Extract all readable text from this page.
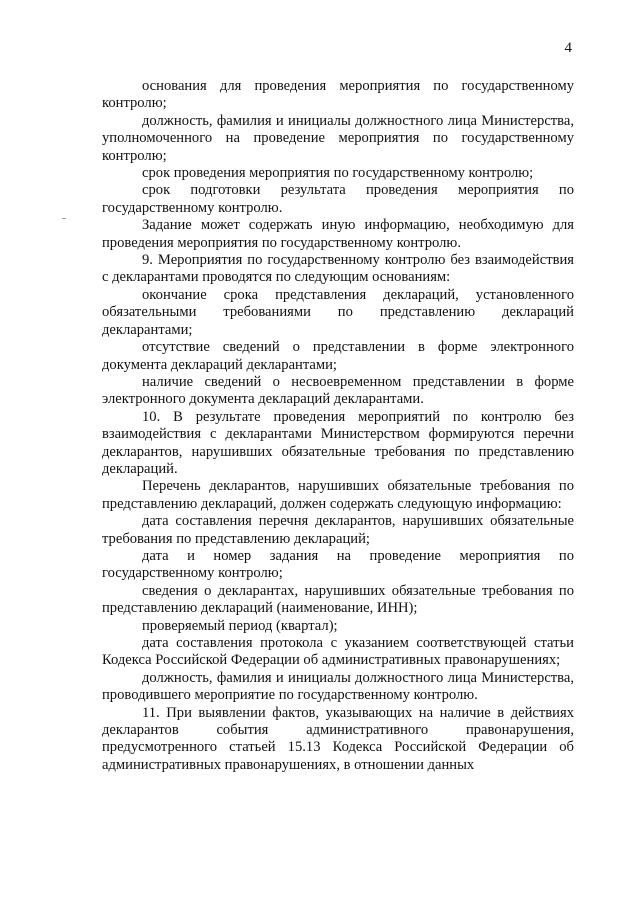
4

основания для проведения мероприятия по государственному контролю;

должность, фамилия и инициалы должностного лица Министерства, уполномоченного на проведение мероприятия по государственному контролю;

срок проведения мероприятия по государственному контролю;

срок подготовки результата проведения мероприятия по государственному контролю.

Задание может содержать иную информацию, необходимую для проведения мероприятия по государственному контролю.

9. Мероприятия по государственному контролю без взаимодействия с декларантами проводятся по следующим основаниям:

окончание срока представления деклараций, установленного обязательными требованиями по представлению деклараций декларантами;

отсутствие сведений о представлении в форме электронного документа деклараций декларантами;

наличие сведений о несвоевременном представлении в форме электронного документа деклараций декларантами.

10. В результате проведения мероприятий по контролю без взаимодействия с декларантами Министерством формируются перечни декларантов, нарушивших обязательные требования по представлению деклараций.

Перечень декларантов, нарушивших обязательные требования по представлению деклараций, должен содержать следующую информацию:

дата составления перечня декларантов, нарушивших обязательные требования по представлению деклараций;

дата и номер задания на проведение мероприятия по государственному контролю;

сведения о декларантах, нарушивших обязательные требования по представлению деклараций (наименование, ИНН);

проверяемый период (квартал);

дата составления протокола с указанием соответствующей статьи Кодекса Российской Федерации об административных правонарушениях;

должность, фамилия и инициалы должностного лица Министерства, проводившего мероприятие по государственному контролю.

11. При выявлении фактов, указывающих на наличие в действиях декларантов события административного правонарушения, предусмотренного статьей 15.13 Кодекса Российской Федерации об административных правонарушениях, в отношении данных
